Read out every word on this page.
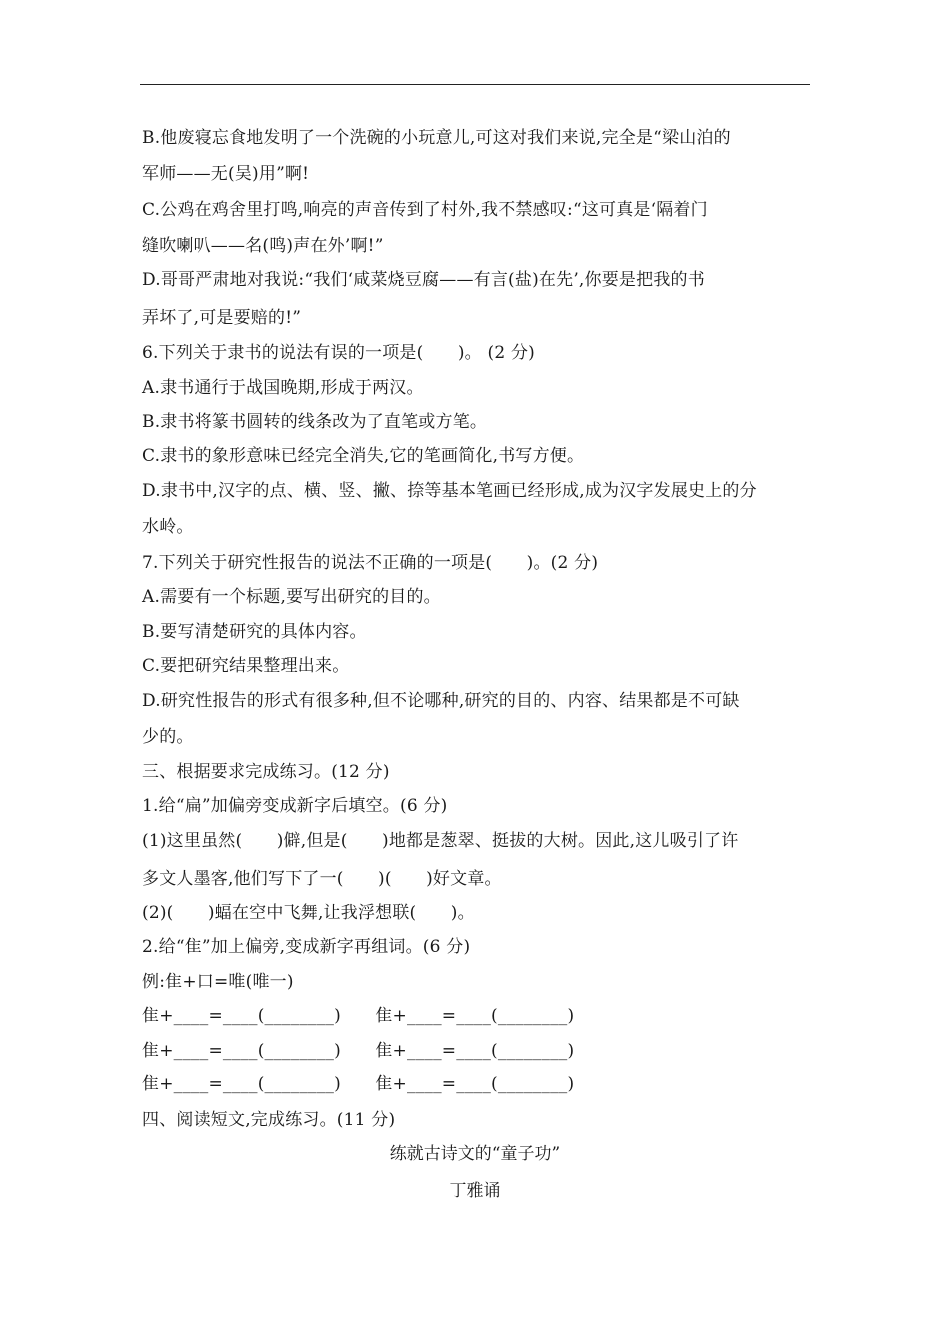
B.他废寝忘食地发明了一个洗碗的小玩意儿,可这对我们来说,完全是“梁山泊的
军师——无(吴)用”啊!
C.公鸡在鸡舍里打鸣,响亮的声音传到了村外,我不禁感叹:“这可真是‘隔着门
缝吹喇叭——名(鸣)声在外’啊!”
D.哥哥严肃地对我说:“我们‘咸菜烧豆腐——有言(盐)在先’,你要是把我的书
弄坏了,可是要赔的!”
6.下列关于隶书的说法有误的一项是(　　)。 (2 分)
A.隶书通行于战国晚期,形成于两汉。
B.隶书将篆书圆转的线条改为了直笔或方笔。
C.隶书的象形意味已经完全消失,它的笔画简化,书写方便。
D.隶书中,汉字的点、横、竖、撇、捺等基本笔画已经形成,成为汉字发展史上的分
水岭。
7.下列关于研究性报告的说法不正确的一项是(　　)。(2 分)
A.需要有一个标题,要写出研究的目的。
B.要写清楚研究的具体内容。
C.要把研究结果整理出来。
D.研究性报告的形式有很多种,但不论哪种,研究的目的、内容、结果都是不可缺
少的。
三、根据要求完成练习。(12 分)
1.给“扁”加偏旁变成新字后填空。(6 分)
(1)这里虽然(　　)僻,但是(　　)地都是葱翠、挺拔的大树。因此,这儿吸引了许
多文人墨客,他们写下了一(　　)(　　)好文章。
(2)(　　)蝠在空中飞舞,让我浮想联(　　)。
2.给“隹”加上偏旁,变成新字再组词。(6 分)
例:隹+口=唯(唯一)
隹+____=____(________)　　隹+____=____(________)
隹+____=____(________)　　隹+____=____(________)
隹+____=____(________)　　隹+____=____(________)
四、阅读短文,完成练习。(11 分)
练就古诗文的“童子功”
丁雅诵
